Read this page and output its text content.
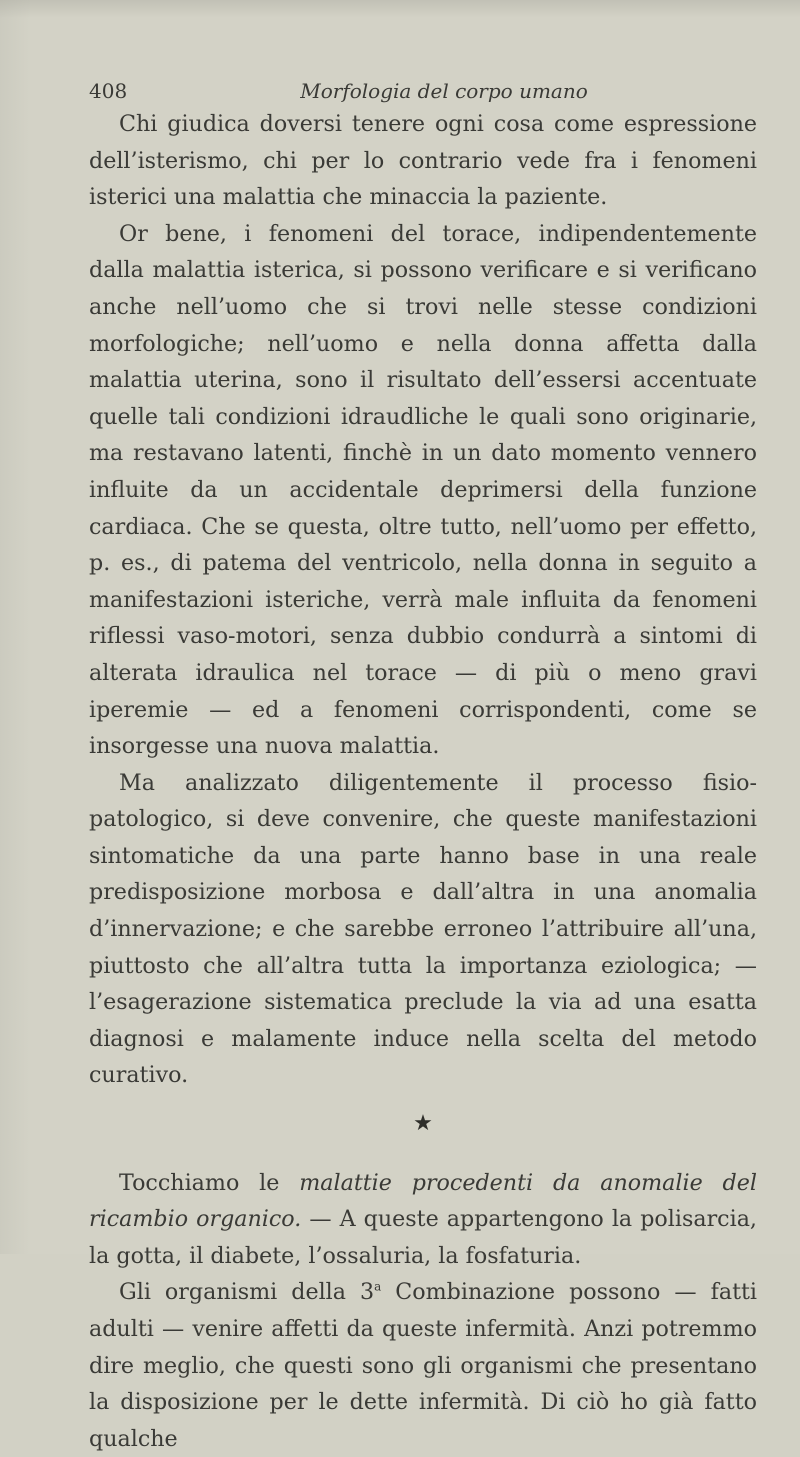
408	Morfologia del corpo umano

Chi giudica doversi tenere ogni cosa come espressione dell’isterismo, chi per lo contrario vede fra i fenomeni isterici una malattia che minaccia la paziente.

Or bene, i fenomeni del torace, indipendentemente dalla malattia isterica, si possono verificare e si verificano anche nell’uomo che si trovi nelle stesse condizioni morfologiche; nell’uomo e nella donna affetta dalla malattia uterina, sono il risultato dell’essersi accentuate quelle tali condizioni idraudliche le quali sono originarie, ma restavano latenti, finchè in un dato momento vennero influite da un accidentale deprimersi della funzione cardiaca. Che se questa, oltre tutto, nell’uomo per effetto, p. es., di patema del ventricolo, nella donna in seguito a manifestazioni isteriche, verrà male influita da fenomeni riflessi vaso-motori, senza dubbio condurrà a sintomi di alterata idraulica nel torace — di più o meno gravi iperemie — ed a fenomeni corrispondenti, come se insorgesse una nuova malattia.

Ma analizzato diligentemente il processo fisio-patologico, si deve convenire, che queste manifestazioni sintomatiche da una parte hanno base in una reale predisposizione morbosa e dall’altra in una anomalia d’innervazione; e che sarebbe erroneo l’attribuire all’una, piuttosto che all’altra tutta la importanza eziologica; — l’esagerazione sistematica preclude la via ad una esatta diagnosi e malamente induce nella scelta del metodo curativo.

★

Tocchiamo le malattie procedenti da anomalie del ricambio organico. — A queste appartengono la polisarcia, la gotta, il diabete, l’ossaluria, la fosfaturia.

Gli organismi della 3$^a$ Combinazione possono — fatti adulti — venire affetti da queste infermità. Anzi potremmo dire meglio, che questi sono gli organismi che presentano la disposizione per le dette infermità. Di ciò ho già fatto qualche
